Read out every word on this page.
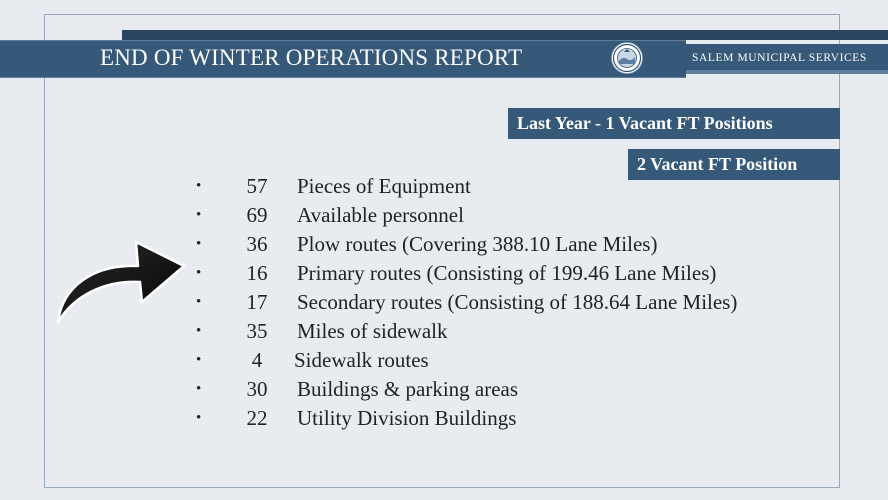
END OF WINTER OPERATIONS REPORT	SALEM MUNICIPAL SERVICES
Last Year - 1 Vacant FT Positions
2 Vacant FT Position
•	57	Pieces of Equipment
•	69	Available personnel
•	36	Plow routes (Covering 388.10 Lane Miles)
•	16	Primary routes (Consisting of 199.46 Lane Miles)
•	17	Secondary routes (Consisting of 188.64 Lane Miles)
•	35	Miles of sidewalk
•	4	Sidewalk routes
•	30	Buildings & parking areas
•	22	Utility Division Buildings
